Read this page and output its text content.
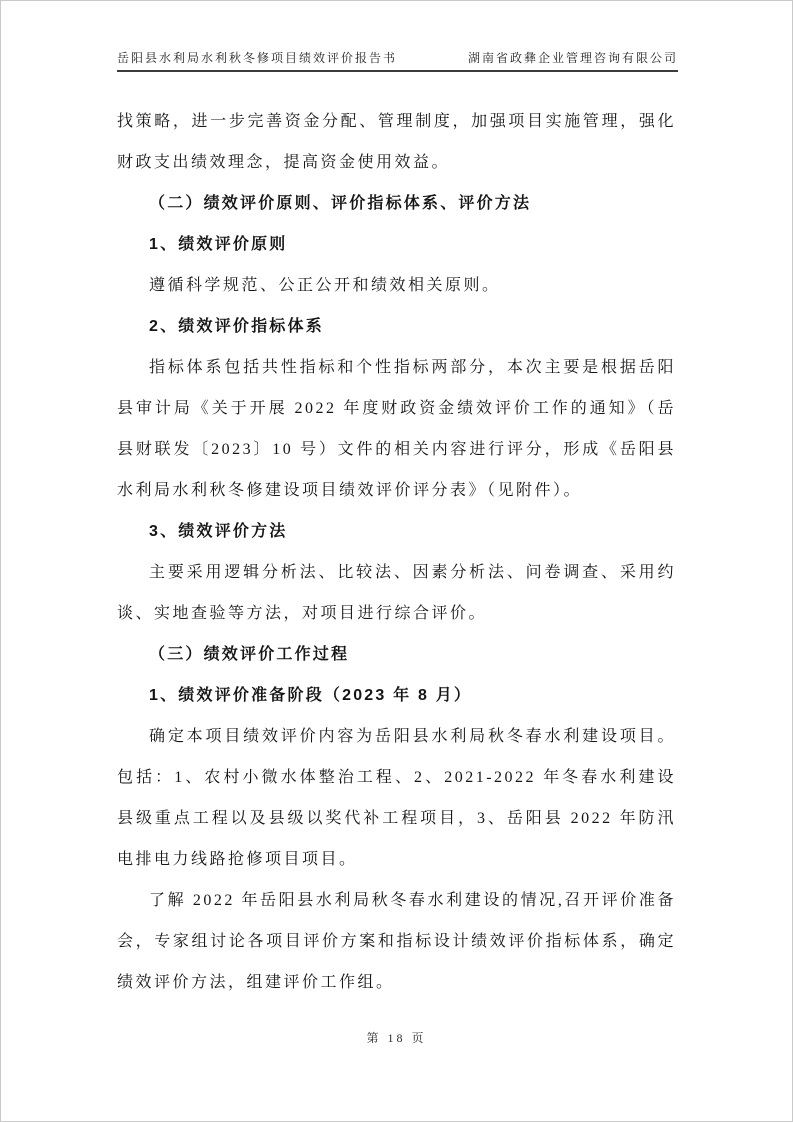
岳阳县水利局水利秋冬修项目绩效评价报告书	湖南省政彝企业管理咨询有限公司

找策略，进一步完善资金分配、管理制度，加强项目实施管理，强化财政支出绩效理念，提高资金使用效益。

（二）绩效评价原则、评价指标体系、评价方法
1、绩效评价原则

遵循科学规范、公正公开和绩效相关原则。

2、绩效评价指标体系

指标体系包括共性指标和个性指标两部分，本次主要是根据岳阳县审计局《关于开展 2022 年度财政资金绩效评价工作的通知》（岳县财联发〔2023〕10 号）文件的相关内容进行评分，形成《岳阳县水利局水利秋冬修建设项目绩效评价评分表》（见附件）。

3、绩效评价方法

主要采用逻辑分析法、比较法、因素分析法、问卷调查、采用约谈、实地查验等方法，对项目进行综合评价。

（三）绩效评价工作过程
1、绩效评价准备阶段（2023 年 8 月）

确定本项目绩效评价内容为岳阳县水利局秋冬春水利建设项目。包括：1、农村小微水体整治工程、2、2021-2022 年冬春水利建设县级重点工程以及县级以奖代补工程项目，3、岳阳县 2022 年防汛电排电力线路抢修项目项目。

了解 2022 年岳阳县水利局秋冬春水利建设的情况,召开评价准备会，专家组讨论各项目评价方案和指标设计绩效评价指标体系，确定绩效评价方法，组建评价工作组。

第 18 页
